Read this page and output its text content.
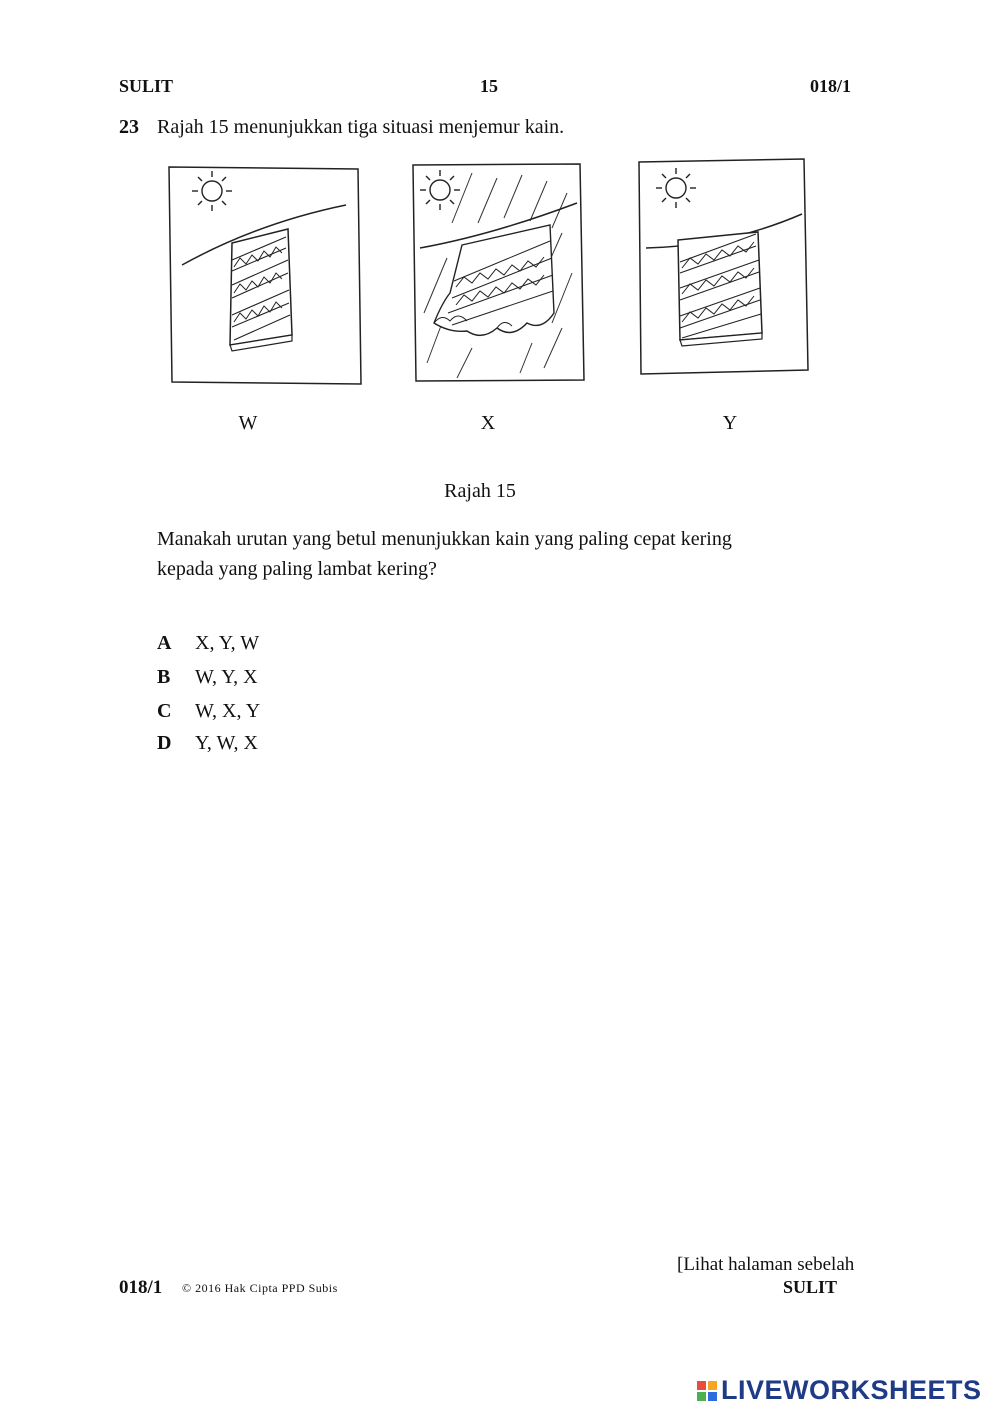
SULIT	15	018/1
23 Rajah 15 menunjukkan tiga situasi menjemur kain.
W	X	Y
Rajah 15
Manakah urutan yang betul menunjukkan kain yang paling cepat kering
kepada yang paling lambat kering?
A X, Y, W
B W, Y, X
C W, X, Y
D Y, W, X
[Lihat halaman sebelah
018/1 © 2016 Hak Cipta PPD Subis	SULIT
LIVEWORKSHEETS
